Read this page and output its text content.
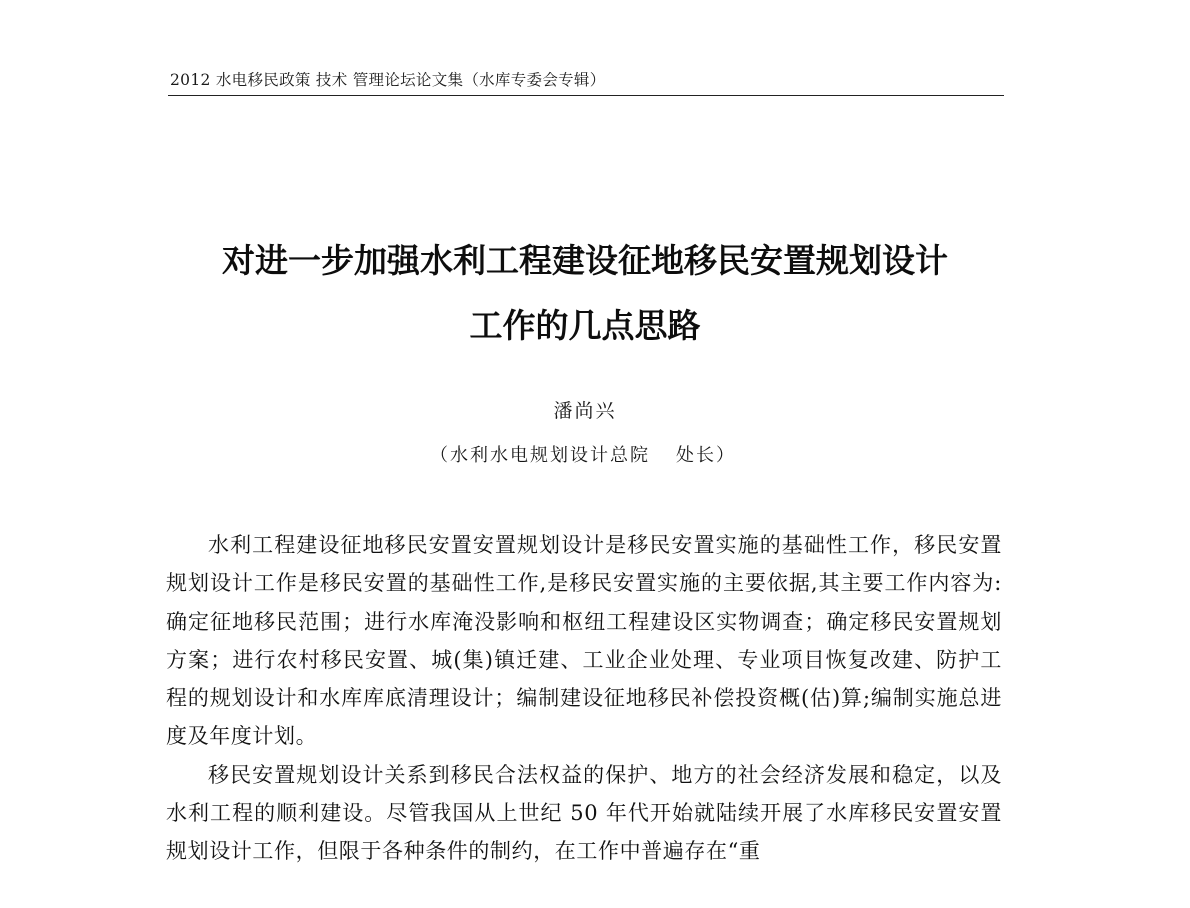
2012 水电移民政策 技术 管理论坛论文集（水库专委会专辑）
对进一步加强水利工程建设征地移民安置规划设计
工作的几点思路
潘尚兴
（水利水电规划设计总院 处长）

水利工程建设征地移民安置安置规划设计是移民安置实施的基础性工作，移民安置规划设计工作是移民安置的基础性工作,是移民安置实施的主要依据,其主要工作内容为:确定征地移民范围；进行水库淹没影响和枢纽工程建设区实物调查；确定移民安置规划方案；进行农村移民安置、城(集)镇迁建、工业企业处理、专业项目恢复改建、防护工程的规划设计和水库库底清理设计；编制建设征地移民补偿投资概(估)算;编制实施总进度及年度计划。

移民安置规划设计关系到移民合法权益的保护、地方的社会经济发展和稳定，以及水利工程的顺利建设。尽管我国从上世纪 50 年代开始就陆续开展了水库移民安置安置规划设计工作，但限于各种条件的制约，在工作中普遍存在“重
